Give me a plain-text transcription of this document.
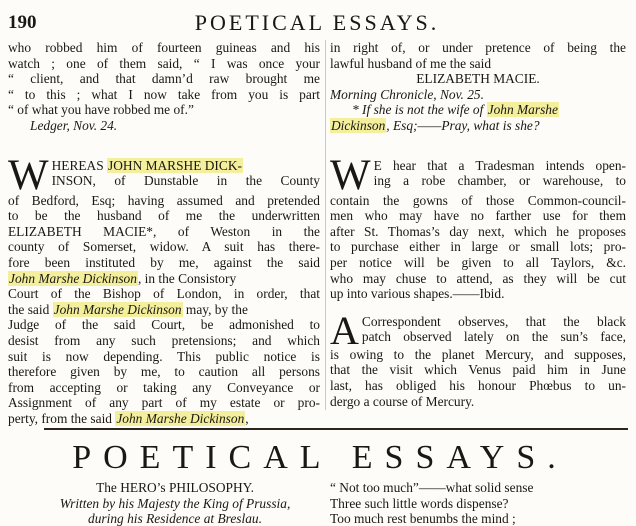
190	POETICAL ESSAYS.
who robbed him of fourteen guineas and his
watch ; one of them said, “ I was once your
“ client, and that damn’d raw brought me
“ to this ; what I now take from you is part
“ of what you have robbed me of.”
Ledger, Nov. 24.
W HEREAS JOHN MARSHE DICK-
INSON, of Dunstable in the County
of Bedford, Esq; having assumed and pretended
to be the husband of me the underwritten
ELIZABETH MACIE*, of Weston in the
county of Somerset, widow. A suit has there-
fore been instituted by me, against the said
John Marshe Dickinson, in the Consistory
Court of the Bishop of London, in order, that
the said John Marshe Dickinson may, by the
Judge of the said Court, be admonished to
desist from any such pretensions; and which
suit is now depending. This public notice is
therefore given by me, to caution all persons
from accepting or taking any Conveyance or
Assignment of any part of my estate or pro-
perty, from the said John Marshe Dickinson,
in right of, or under pretence of being the
lawful husband of me the said
ELIZABETH MACIE.
Morning Chronicle, Nov. 25.
* If she is not the wife of John Marshe
Dickinson, Esq;——Pray, what is she?
W E hear that a Tradesman intends open-
ing a robe chamber, or warehouse, to
contain the gowns of those Common-council-
men who may have no farther use for them
after St. Thomas’s day next, which he proposes
to purchase either in large or small lots; pro-
per notice will be given to all Taylors, &c.
who may chuse to attend, as they will be cut
up into various shapes.——Ibid.
A Correspondent observes, that the black
patch observed lately on the sun’s face,
is owing to the planet Mercury, and supposes,
that the visit which Venus paid him in June
last, has obliged his honour Phœbus to un-
dergo a course of Mercury.
POETICAL ESSAYS.
The HERO’s PHILOSOPHY.
Written by his Majesty the King of Prussia,
during his Residence at Breslau.
“ Not too much”——what solid sense
Three such little words dispense?
Too much rest benumbs the mind ;
